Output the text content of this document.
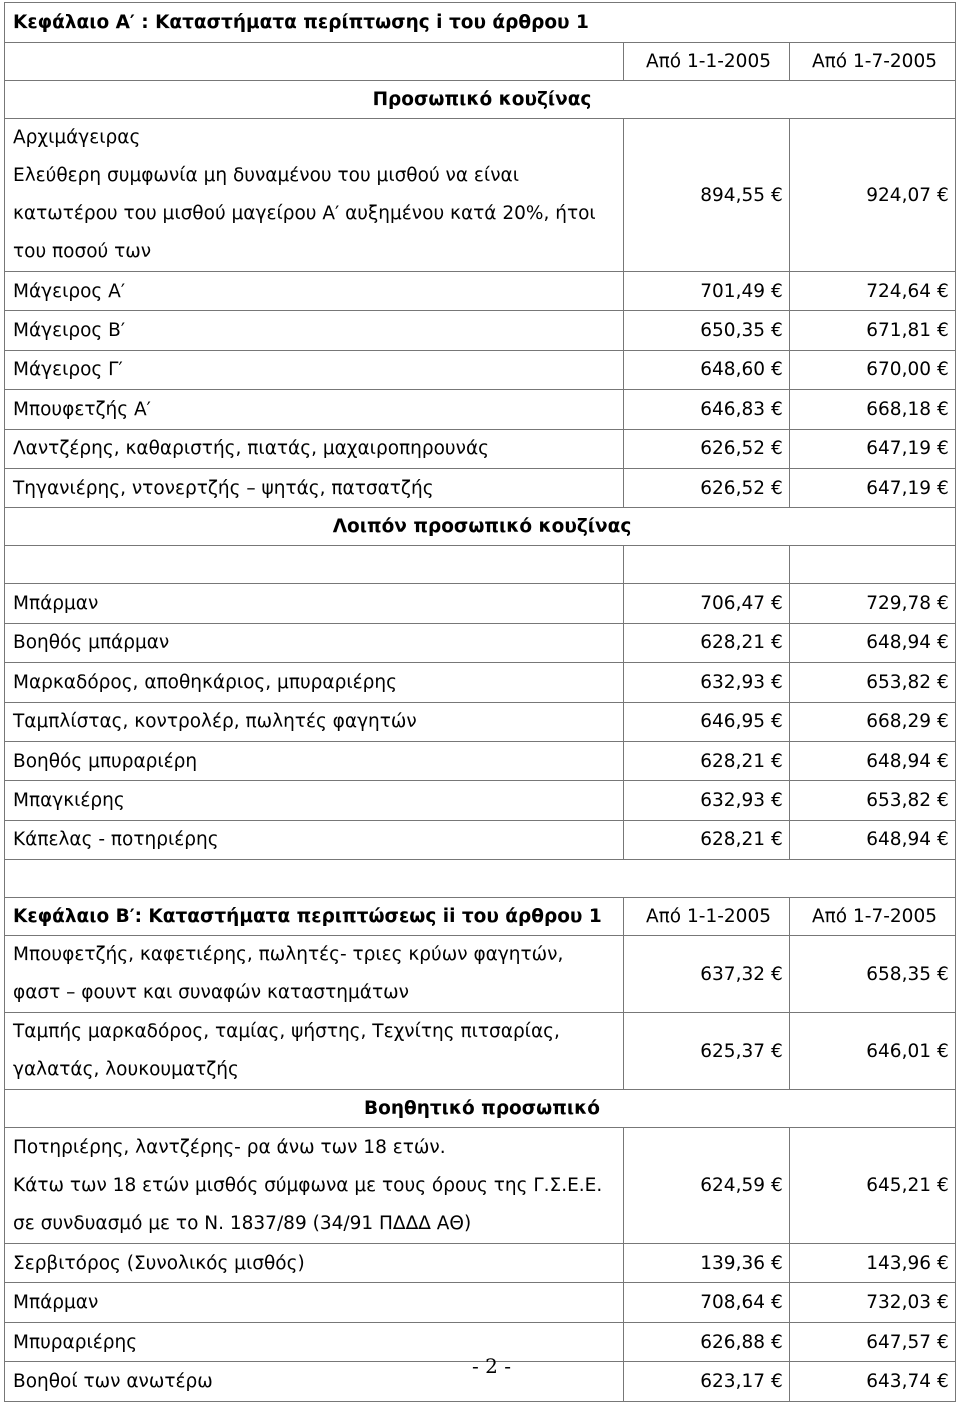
Κεφάλαιο Α′ : Καταστήματα περίπτωσης i του άρθρου 1		
	Από 1-1-2005	Από 1-7-2005
Προσωπικό κουζίνας		

Αρχιμάγειρας
Ελεύθερη συμφωνία μη δυναμένου του μισθού να είναι
κατωτέρου του μισθού μαγείρου Α′ αυξημένου κατά 20%, ήτοι
του ποσού των	894,55 €	924,07 €
Μάγειρος Α′	701,49 €	724,64 €
Μάγειρος Β′	650,35 €	671,81 €
Μάγειρος Γ′	648,60 €	670,00 €
Μπουφετζής Α′	646,83 €	668,18 €
Λαντζέρης, καθαριστής, πιατάς, μαχαιροπηρουνάς	626,52 €	647,19 €
Τηγανιέρης, ντονερτζής – ψητάς, πατσατζής	626,52 €	647,19 €
Λοιπόν προσωπικό κουζίνας		

Μπάρμαν	706,47 €	729,78 €
Βοηθός μπάρμαν	628,21 €	648,94 €
Μαρκαδόρος, αποθηκάριος, μπυραριέρης	632,93 €	653,82 €
Ταμπλίστας, κοντρολέρ, πωλητές φαγητών	646,95 €	668,29 €
Βοηθός μπυραριέρη	628,21 €	648,94 €
Μπαγκιέρης	632,93 €	653,82 €
Κάπελας - ποτηριέρης	628,21 €	648,94 €

Κεφάλαιο Β′: Καταστήματα περιπτώσεως ii του άρθρου 1	Από 1-1-2005	Από 1-7-2005

Μπουφετζής, καφετιέρης, πωλητές- τριες κρύων φαγητών,
φαστ – φουντ και συναφών καταστημάτων	637,32 €	658,35 €

Ταμπής μαρκαδόρος, ταμίας, ψήστης, Τεχνίτης πιτσαρίας,
γαλατάς, λουκουματζής	625,37 €	646,01 €
Βοηθητικό προσωπικό		

Ποτηριέρης, λαντζέρης- ρα άνω των 18 ετών.
Κάτω των 18 ετών μισθός σύμφωνα με τους όρους της Γ.Σ.Ε.Ε.
σε συνδυασμό με το Ν. 1837/89 (34/91 ΠΔΔΔ ΑΘ)	624,59 €	645,21 €
Σερβιτόρος (Συνολικός μισθός)	139,36 €	143,96 €
Μπάρμαν	708,64 €	732,03 €
Μπυραριέρης	626,88 €	647,57 €
Βοηθοί των ανωτέρω	623,17 €	643,74 €
- 2 -
